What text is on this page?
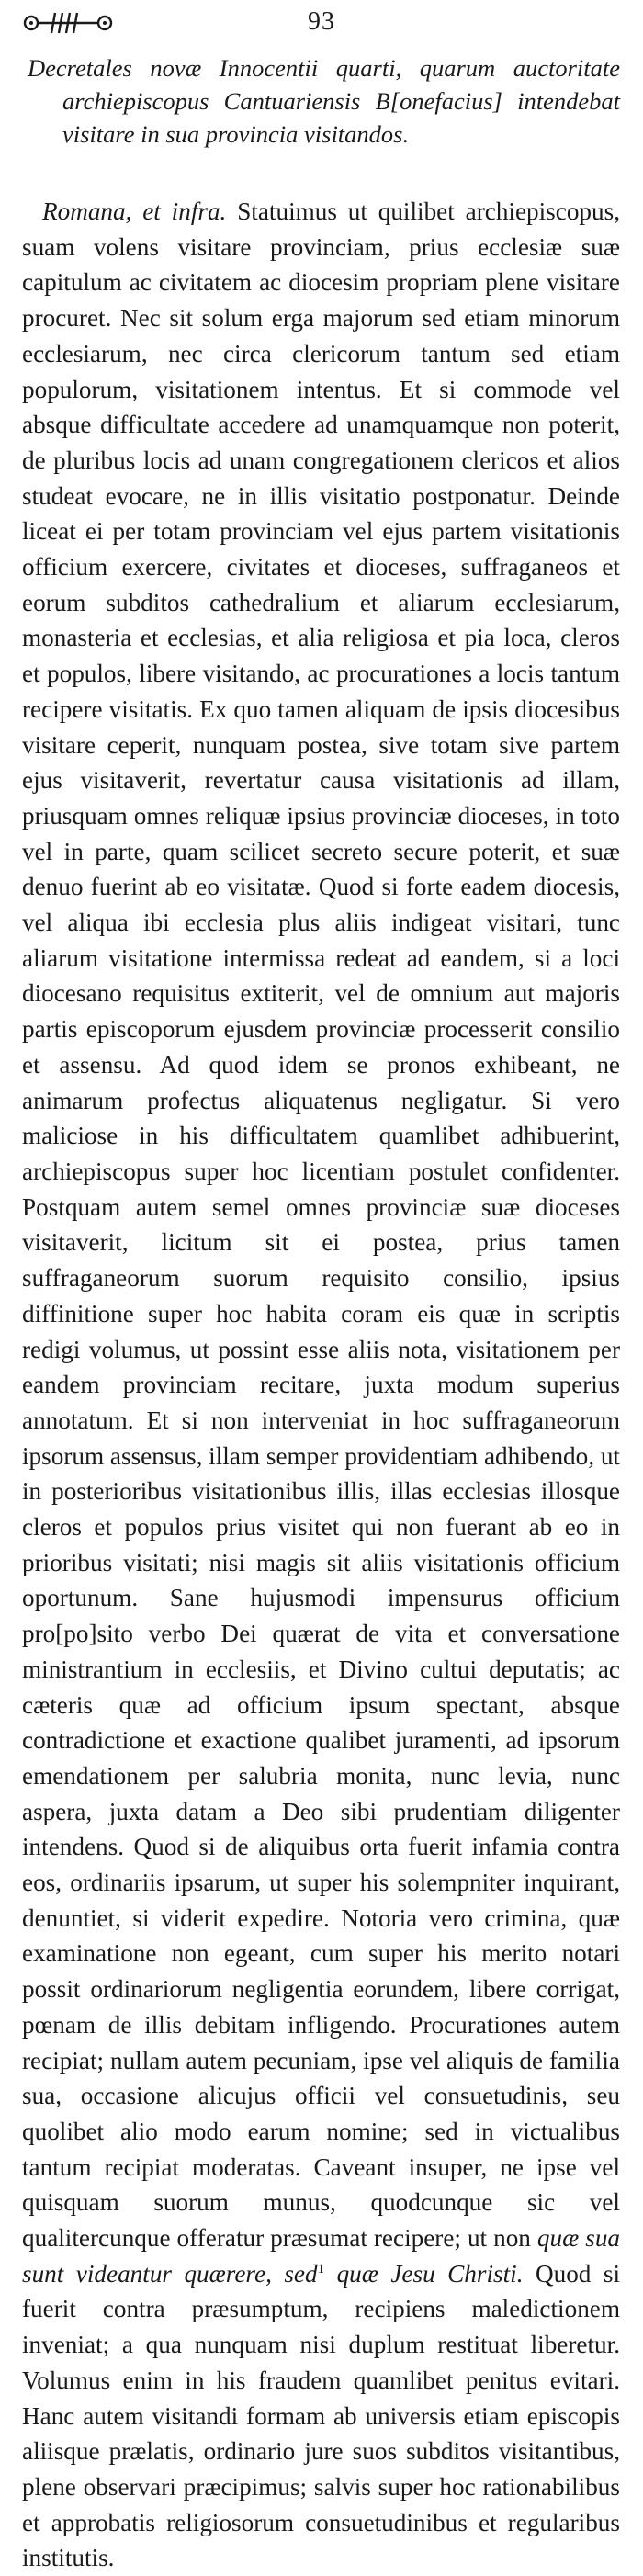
93
Decretales novæ Innocentii quarti, quarum auctoritate archiepiscopus Cantuariensis B[onefacius] intendebat visitare in sua provincia visitandos.

Romana, et infra. Statuimus ut quilibet archiepiscopus, suam volens visitare provinciam, prius ecclesiæ suæ capitulum ac civitatem ac diocesim propriam plene visitare procuret. Nec sit solum erga majorum sed etiam minorum ecclesiarum, nec circa clericorum tantum sed etiam populorum, visitationem intentus. Et si commode vel absque difficultate accedere ad unamquamque non poterit, de pluribus locis ad unam congregationem clericos et alios studeat evocare, ne in illis visitatio postponatur. Deinde liceat ei per totam provinciam vel ejus partem visitationis officium exercere, civitates et dioceses, suffraganeos et eorum subditos cathedralium et aliarum ecclesiarum, monasteria et ecclesias, et alia religiosa et pia loca, cleros et populos, libere visitando, ac procurationes a locis tantum recipere visitatis. Ex quo tamen aliquam de ipsis diocesibus visitare ceperit, nunquam postea, sive totam sive partem ejus visitaverit, revertatur causa visitationis ad illam, priusquam omnes reliquæ ipsius provinciæ dioceses, in toto vel in parte, quam scilicet secreto secure poterit, et suæ denuo fuerint ab eo visitatæ. Quod si forte eadem diocesis, vel aliqua ibi ecclesia plus aliis indigeat visitari, tunc aliarum visitatione intermissa redeat ad eandem, si a loci diocesano requisitus extiterit, vel de omnium aut majoris partis episcoporum ejusdem provinciæ processerit consilio et assensu. Ad quod idem se pronos exhibeant, ne animarum profectus aliquatenus negligatur. Si vero maliciose in his difficultatem quamlibet adhibuerint, archiepiscopus super hoc licentiam postulet confidenter. Postquam autem semel omnes provinciæ suæ dioceses visitaverit, licitum sit ei postea, prius tamen suffraganeorum suorum requisito consilio, ipsius diffinitione super hoc habita coram eis quæ in scriptis redigi volumus, ut possint esse aliis nota, visitationem per eandem provinciam recitare, juxta modum superius annotatum. Et si non interveniat in hoc suffraganeorum ipsorum assensus, illam semper providentiam adhibendo, ut in posterioribus visitationibus illis, illas ecclesias illosque cleros et populos prius visitet qui non fuerant ab eo in prioribus visitati; nisi magis sit aliis visitationis officium oportunum. Sane hujusmodi impensurus officium pro[po]sito verbo Dei quærat de vita et conversatione ministrantium in ecclesiis, et Divino cultui deputatis; ac cæteris quæ ad officium ipsum spectant, absque contradictione et exactione qualibet juramenti, ad ipsorum emendationem per salubria monita, nunc levia, nunc aspera, juxta datam a Deo sibi prudentiam diligenter intendens. Quod si de aliquibus orta fuerit infamia contra eos, ordinariis ipsarum, ut super his solempniter inquirant, denuntiet, si viderit expedire. Notoria vero crimina, quæ examinatione non egeant, cum super his merito notari possit ordinariorum negligentia eorundem, libere corrigat, pœnam de illis debitam infligendo. Procurationes autem recipiat; nullam autem pecuniam, ipse vel aliquis de familia sua, occasione alicujus officii vel consuetudinis, seu quolibet alio modo earum nomine; sed in victualibus tantum recipiat moderatas. Caveant insuper, ne ipse vel quisquam suorum munus, quodcunque sic vel qualitercunque offeratur præsumat recipere; ut non quæ sua sunt videantur quærere, sed$^1$ quæ Jesu Christi. Quod si fuerit contra præsumptum, recipiens maledictionem inveniat; a qua nunquam nisi duplum restituat liberetur. Volumus enim in his fraudem quamlibet penitus evitari. Hanc autem visitandi formam ab universis etiam episcopis aliisque prælatis, ordinario jure suos subditos visitantibus, plene observari præcipimus; salvis super hoc rationabilibus et approbatis religiosorum consuetudinibus et regularibus institutis.
